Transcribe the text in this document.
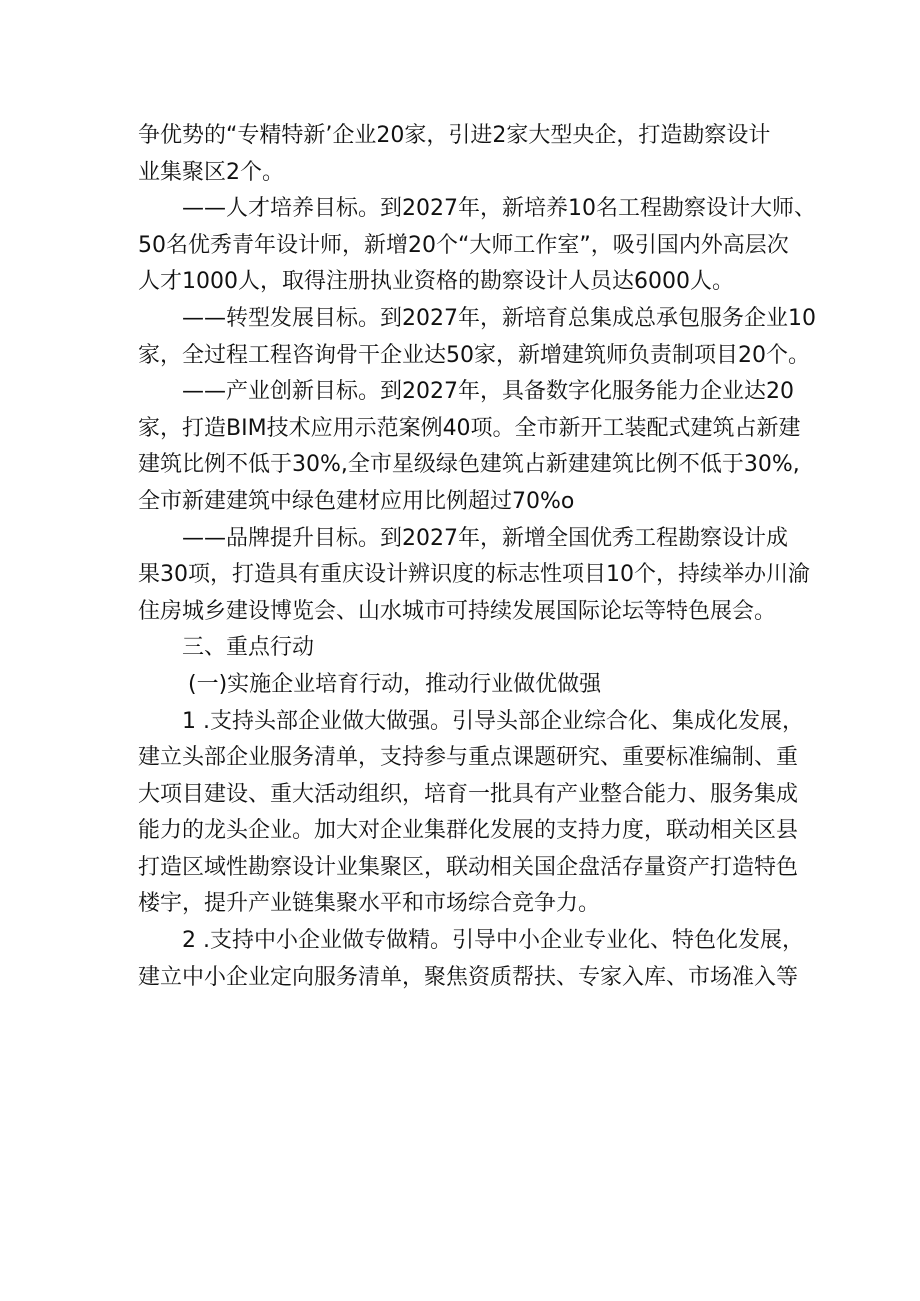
争优势的“专精特新’企业20家，引进2家大型央企，打造勘察设计
业集聚区2个。
——人才培养目标。到2027年，新培养10名工程勘察设计大师、
50名优秀青年设计师，新增20个“大师工作室”，吸引国内外高层次
人才1000人，取得注册执业资格的勘察设计人员达6000人。
——转型发展目标。到2027年，新培育总集成总承包服务企业10
家，全过程工程咨询骨干企业达50家，新增建筑师负责制项目20个。
——产业创新目标。到2027年，具备数字化服务能力企业达20
家，打造BIM技术应用示范案例40项。全市新开工装配式建筑占新建
建筑比例不低于30%,全市星级绿色建筑占新建建筑比例不低于30%,
全市新建建筑中绿色建材应用比例超过70%o
——品牌提升目标。到2027年，新增全国优秀工程勘察设计成
果30项，打造具有重庆设计辨识度的标志性项目10个，持续举办川渝
住房城乡建设博览会、山水城市可持续发展国际论坛等特色展会。
三、重点行动
(一)实施企业培育行动，推动行业做优做强
1 .支持头部企业做大做强。引导头部企业综合化、集成化发展，
建立头部企业服务清单，支持参与重点课题研究、重要标准编制、重
大项目建设、重大活动组织，培育一批具有产业整合能力、服务集成
能力的龙头企业。加大对企业集群化发展的支持力度，联动相关区县
打造区域性勘察设计业集聚区，联动相关国企盘活存量资产打造特色
楼宇，提升产业链集聚水平和市场综合竞争力。
2 .支持中小企业做专做精。引导中小企业专业化、特色化发展，
建立中小企业定向服务清单，聚焦资质帮扶、专家入库、市场准入等
